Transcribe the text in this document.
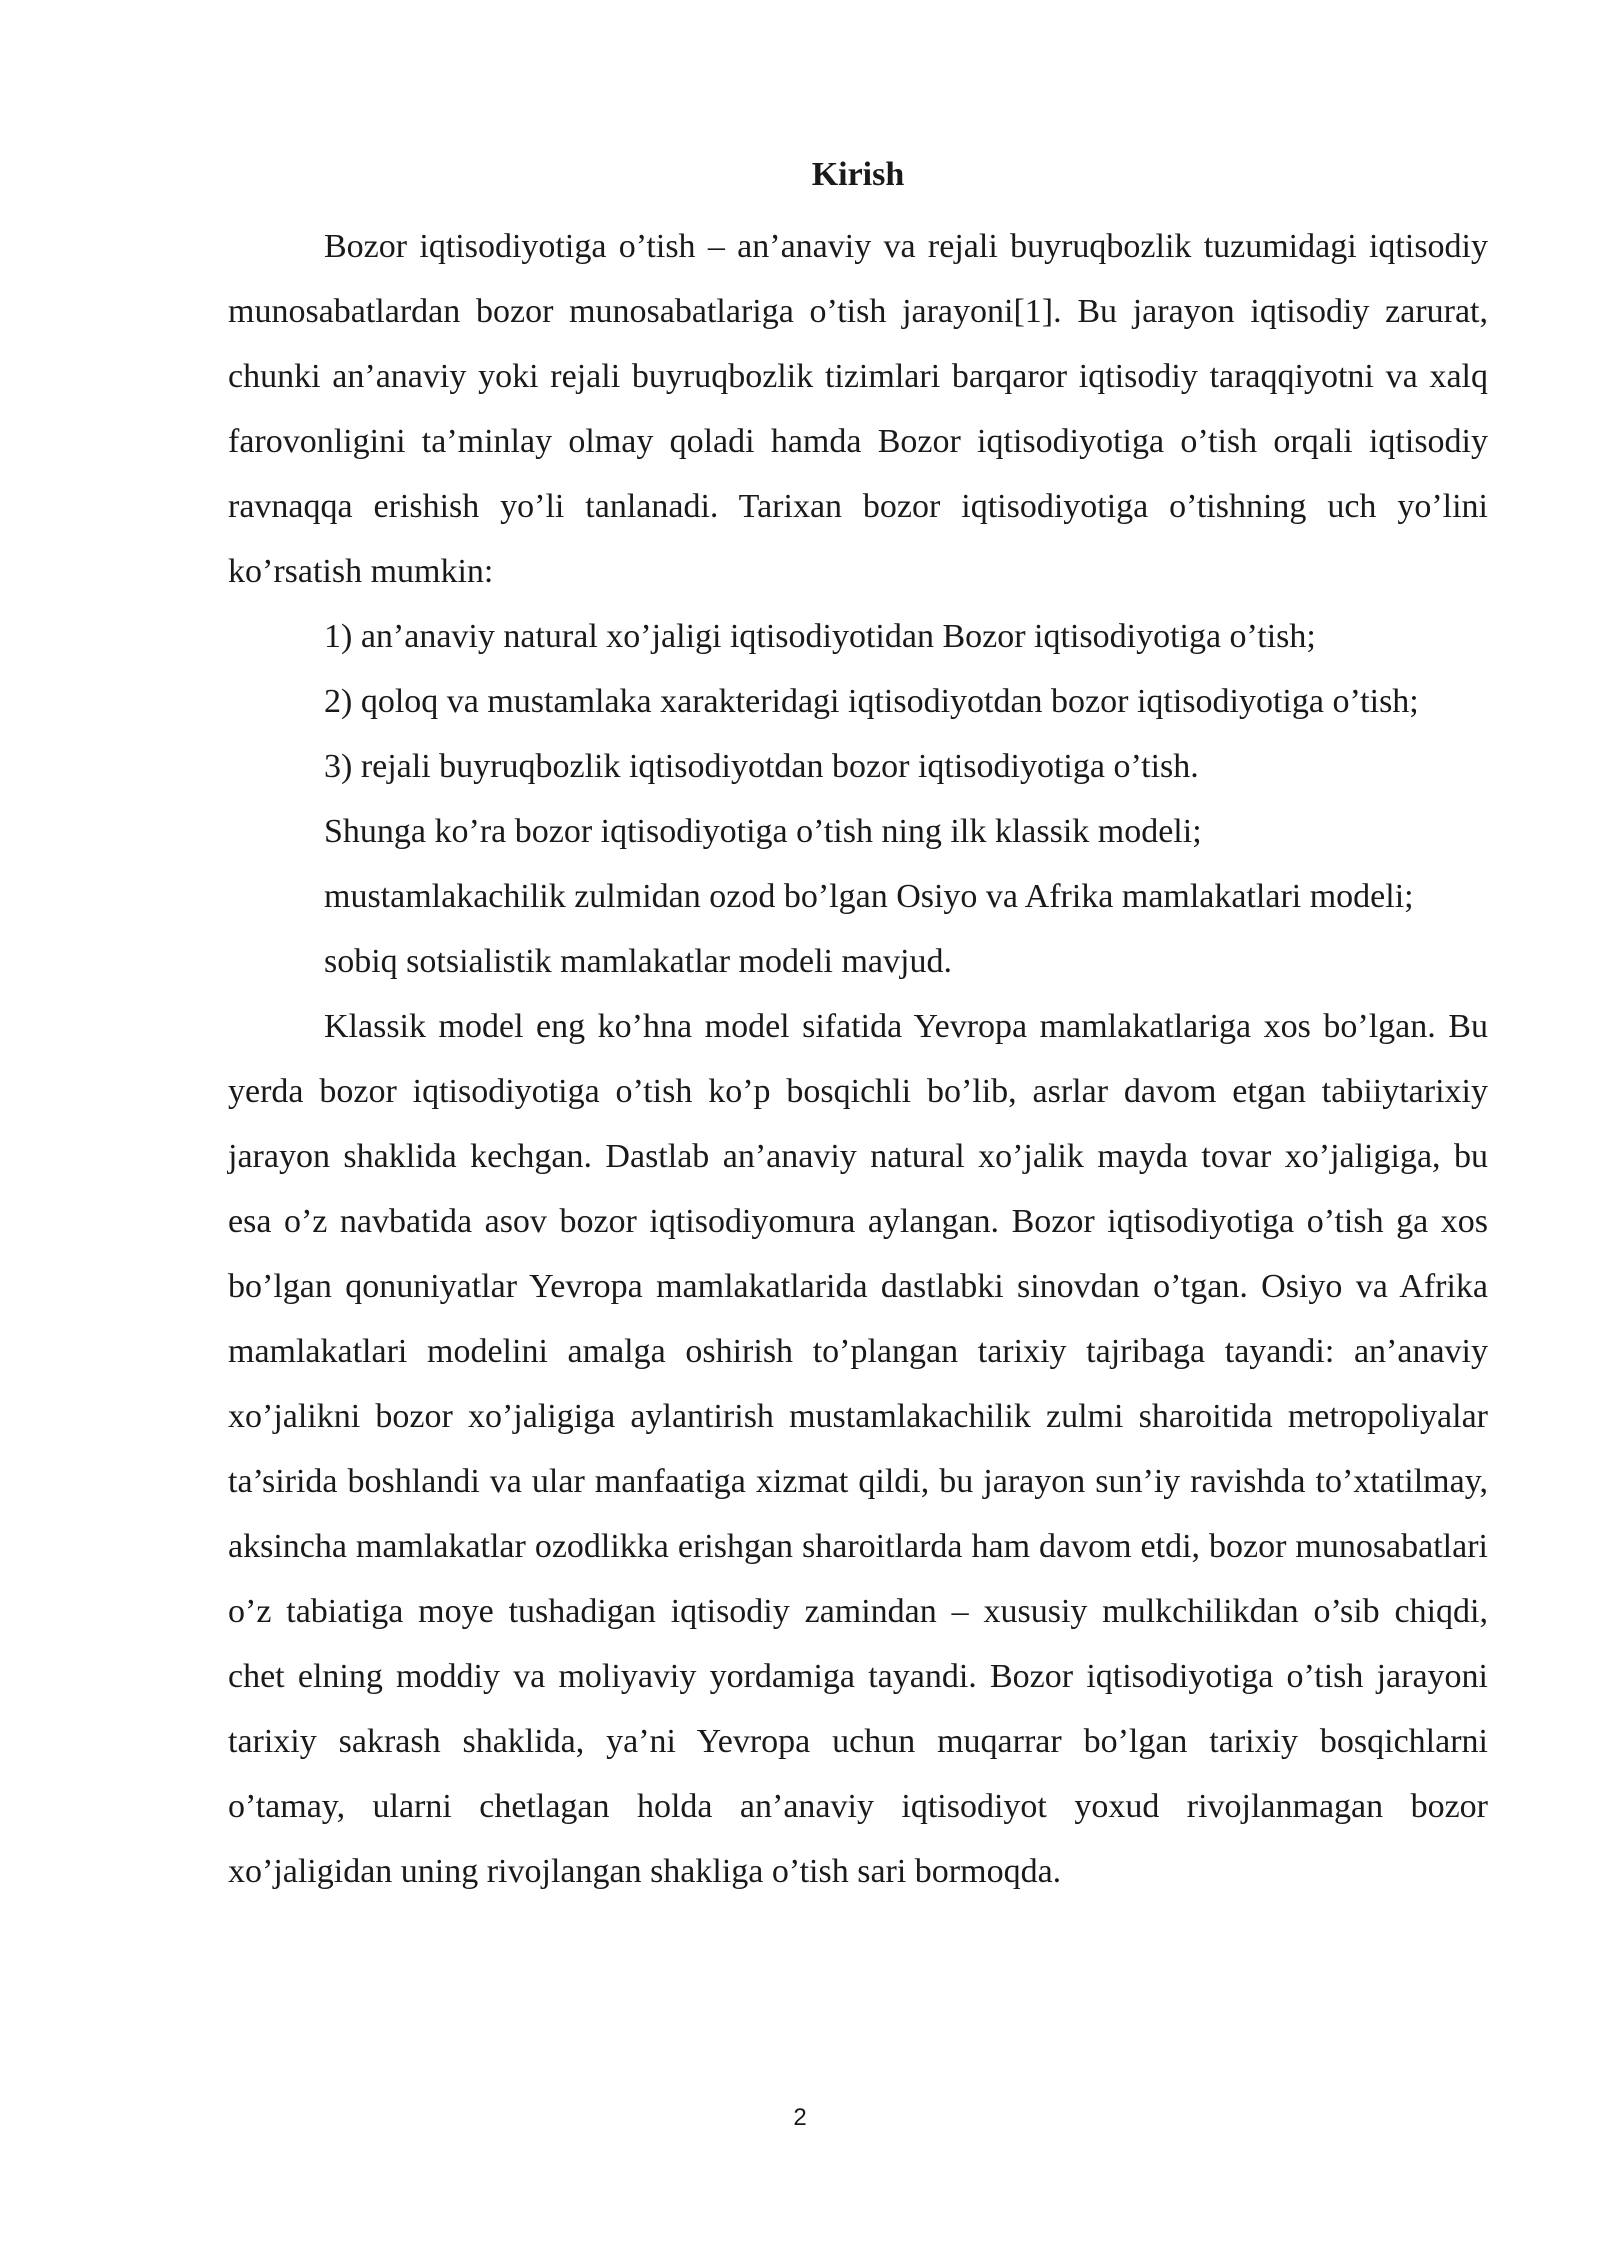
Kirish

Bozor iqtisodiyotiga o’tish – an’anaviy va rejali buyruqbozlik tuzumidagi iqtisodiy munosabatlardan bozor munosabatlariga o’tish jarayoni[1]. Bu jarayon iqtisodiy zarurat, chunki an’anaviy yoki rejali buyruqbozlik tizimlari barqaror iqtisodiy taraqqiyotni va xalq farovonligini ta’minlay olmay qoladi hamda Bozor iqtisodiyotiga o’tish orqali iqtisodiy ravnaqqa erishish yo’li tanlanadi. Tarixan bozor iqtisodiyotiga o’tishning uch yo’lini ko’rsatish mumkin:

1) an’anaviy natural xo’jaligi iqtisodiyotidan Bozor iqtisodiyotiga o’tish;

2) qoloq va mustamlaka xarakteridagi iqtisodiyotdan bozor iqtisodiyotiga o’tish;

3) rejali buyruqbozlik iqtisodiyotdan bozor iqtisodiyotiga o’tish.

Shunga ko’ra bozor iqtisodiyotiga o’tish ning ilk klassik modeli;

mustamlakachilik zulmidan ozod bo’lgan Osiyo va Afrika mamlakatlari modeli;

sobiq sotsialistik mamlakatlar modeli mavjud.

Klassik model eng ko’hna model sifatida Yevropa mamlakatlariga xos bo’lgan. Bu yerda bozor iqtisodiyotiga o’tish ko’p bosqichli bo’lib, asrlar davom etgan tabiiytarixiy jarayon shaklida kechgan. Dastlab an’anaviy natural xo’jalik mayda tovar xo’jaligiga, bu esa o’z navbatida asov bozor iqtisodiyomura aylangan. Bozor iqtisodiyotiga o’tish ga xos bo’lgan qonuniyatlar Yevropa mamlakatlarida dastlabki sinovdan o’tgan. Osiyo va Afrika mamlakatlari modelini amalga oshirish to’plangan tarixiy tajribaga tayandi: an’anaviy xo’jalikni bozor xo’jaligiga aylantirish mustamlakachilik zulmi sharoitida metropoliyalar ta’sirida boshlandi va ular manfaatiga xizmat qildi, bu jarayon sun’iy ravishda to’xtatilmay, aksincha mamlakatlar ozodlikka erishgan sharoitlarda ham davom etdi, bozor munosabatlari o’z tabiatiga moye tushadigan iqtisodiy zamindan – xususiy mulkchilikdan o’sib chiqdi, chet elning moddiy va moliyaviy yordamiga tayandi. Bozor iqtisodiyotiga o’tish jarayoni tarixiy sakrash shaklida, ya’ni Yevropa uchun muqarrar bo’lgan tarixiy bosqichlarni o’tamay, ularni chetlagan holda an’anaviy iqtisodiyot yoxud rivojlanmagan bozor xo’jaligidan uning rivojlangan shakliga o’tish sari bormoqda.

2
